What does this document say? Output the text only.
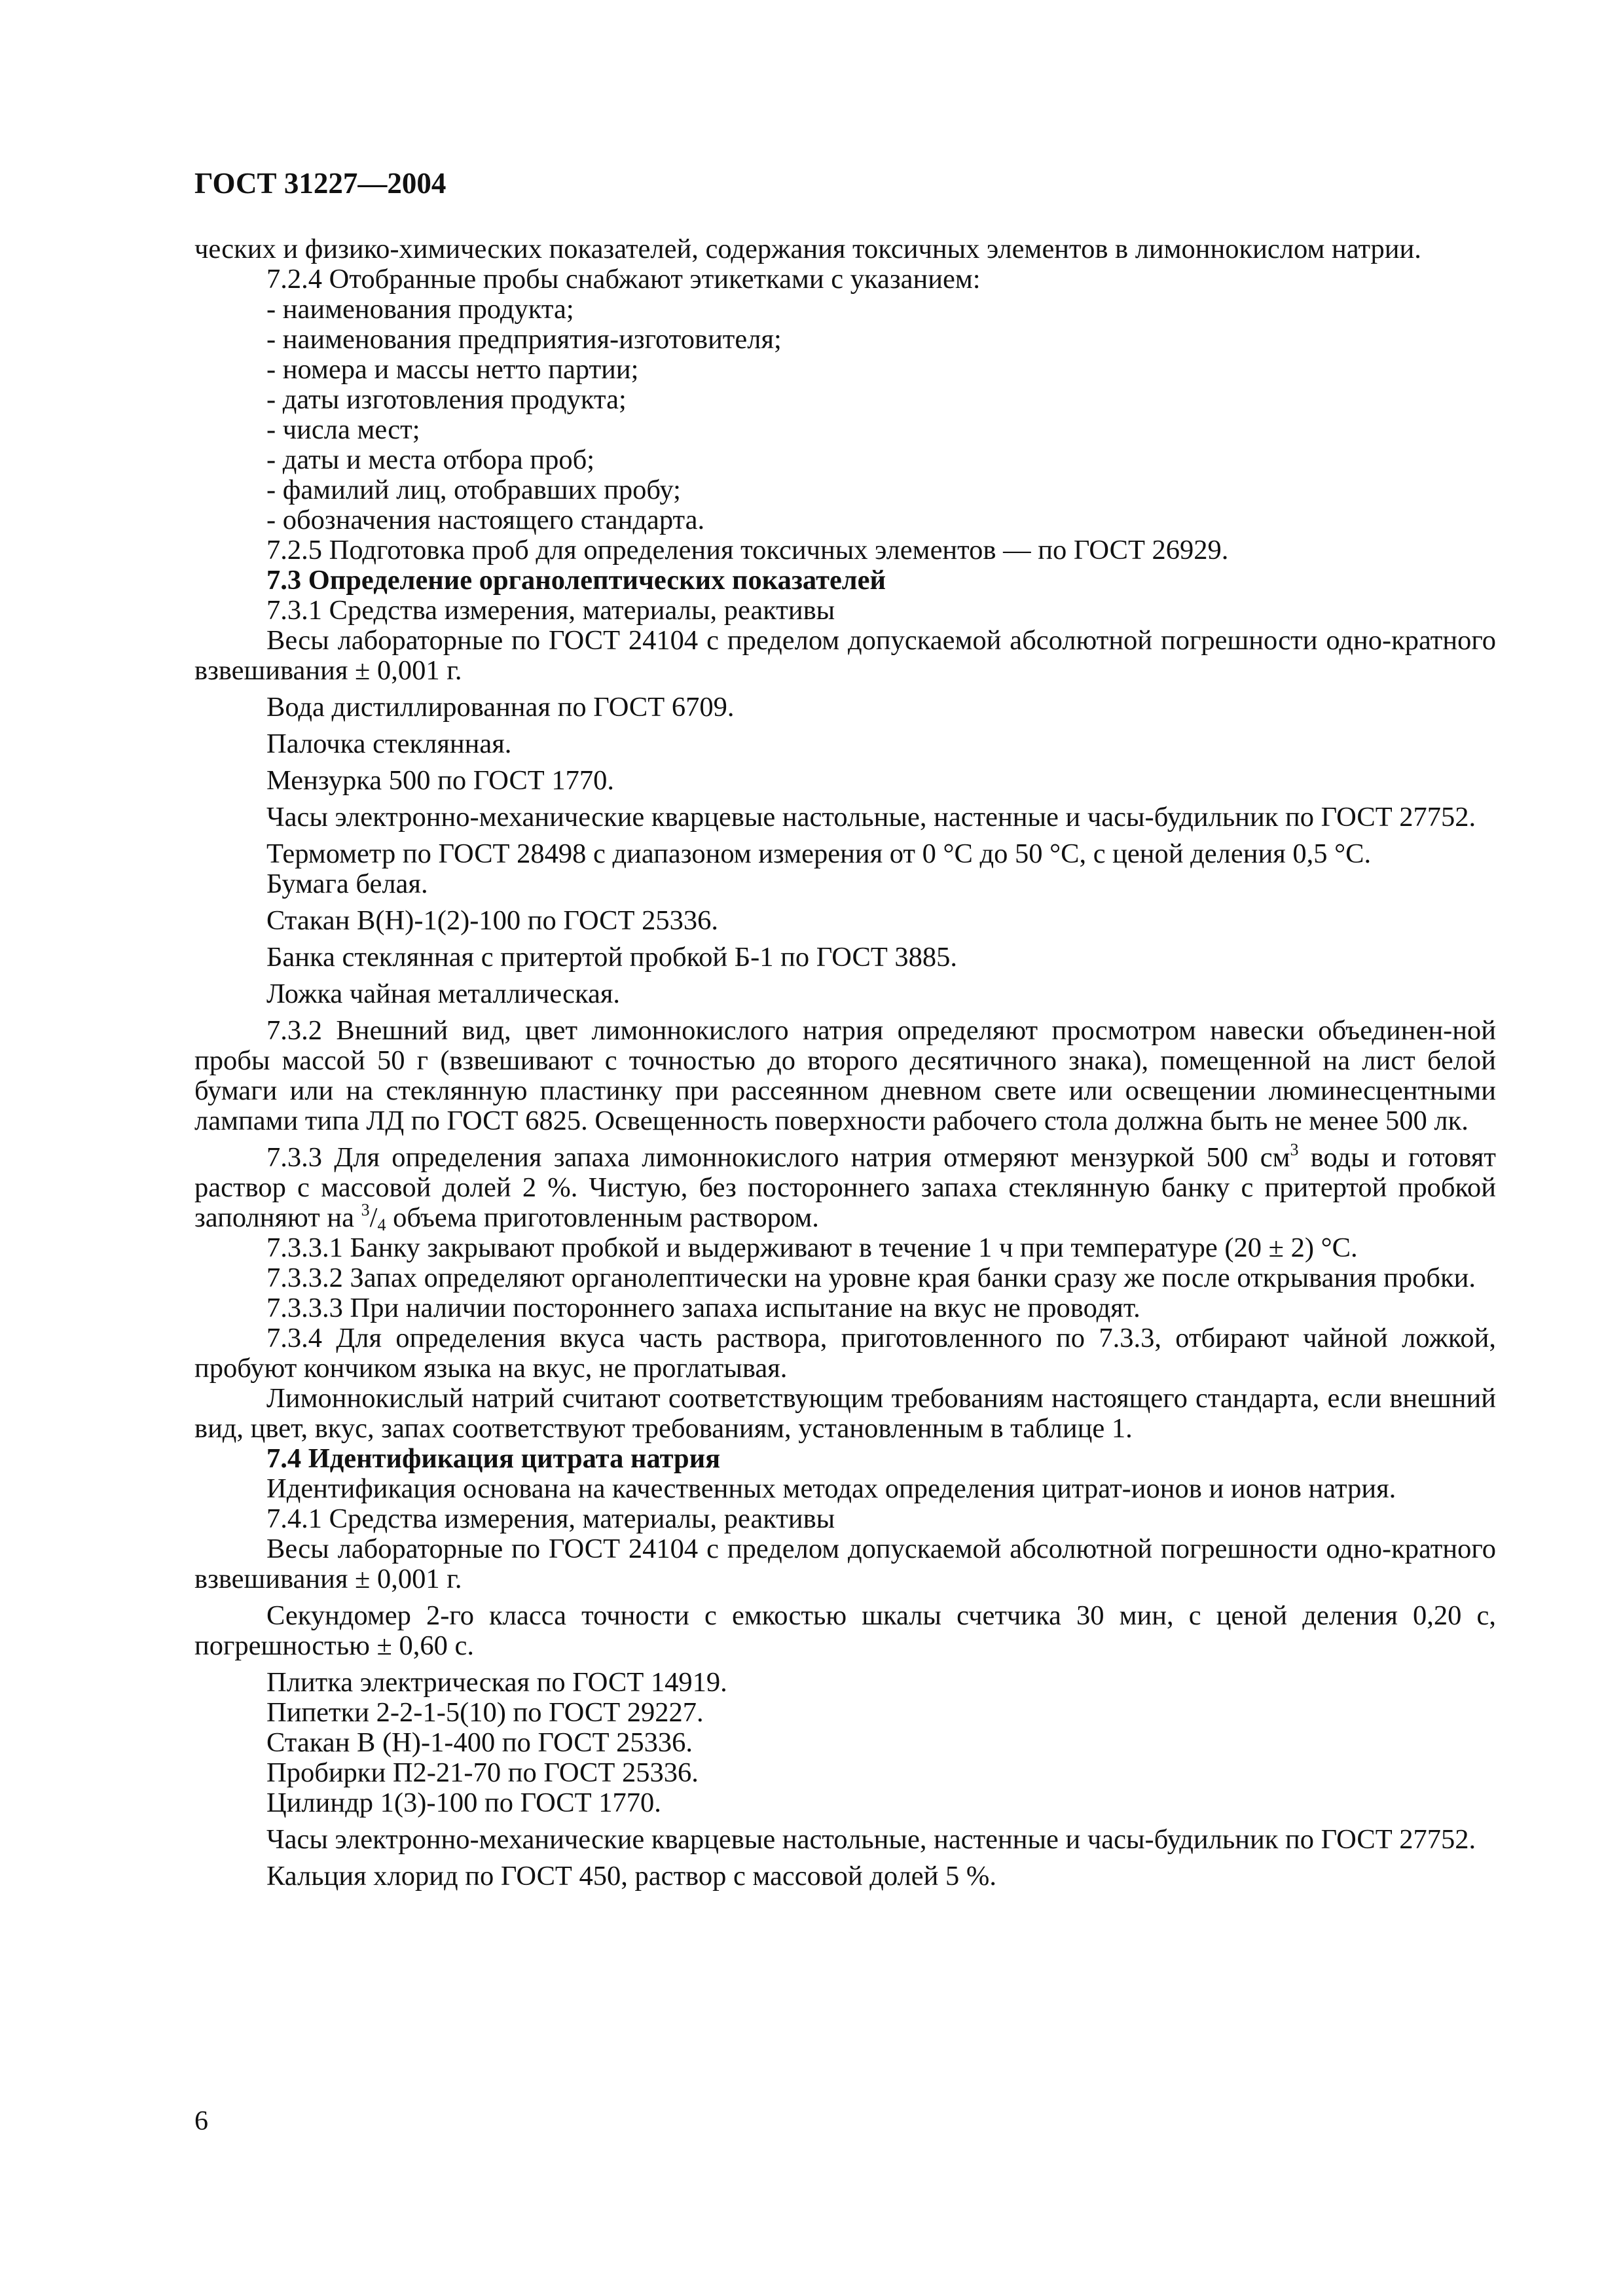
ГОСТ 31227—2004

ческих и физико-химических показателей, содержания токсичных элементов в лимоннокислом натрии.

7.2.4 Отобранные пробы снабжают этикетками с указанием:

- наименования продукта;

- наименования предприятия-изготовителя;

- номера и массы нетто партии;

- даты изготовления продукта;

- числа мест;

- даты и места отбора проб;

- фамилий лиц, отобравших пробу;

- обозначения настоящего стандарта.

7.2.5 Подготовка проб для определения токсичных элементов — по ГОСТ 26929.

7.3 Определение органолептических показателей

7.3.1 Средства измерения, материалы, реактивы

Весы лабораторные по ГОСТ 24104 с пределом допускаемой абсолютной погрешности одно-кратного взвешивания ± 0,001 г.

Вода дистиллированная по ГОСТ 6709.

Палочка стеклянная.

Мензурка 500 по ГОСТ 1770.

Часы электронно-механические кварцевые настольные, настенные и часы-будильник по ГОСТ 27752.

Термометр по ГОСТ 28498 с диапазоном измерения от 0 °С до 50 °С, с ценой деления 0,5 °С.

Бумага белая.

Стакан В(Н)-1(2)-100 по ГОСТ 25336.

Банка стеклянная с притертой пробкой Б-1 по ГОСТ 3885.

Ложка чайная металлическая.

7.3.2 Внешний вид, цвет лимоннокислого натрия определяют просмотром навески объединен-ной пробы массой 50 г (взвешивают с точностью до второго десятичного знака), помещенной на лист белой бумаги или на стеклянную пластинку при рассеянном дневном свете или освещении люминесцентными лампами типа ЛД по ГОСТ 6825. Освещенность поверхности рабочего стола должна быть не менее 500 лк.

7.3.3 Для определения запаха лимоннокислого натрия отмеряют мензуркой 500 $см^3$ воды и готовят раствор с массовой долей 2 %. Чистую, без постороннего запаха стеклянную банку с притертой пробкой заполняют на $^3/_4$ объема приготовленным раствором.

7.3.3.1 Банку закрывают пробкой и выдерживают в течение 1 ч при температуре (20 ± 2) °С.

7.3.3.2 Запах определяют органолептически на уровне края банки сразу же после открывания пробки.

7.3.3.3 При наличии постороннего запаха испытание на вкус не проводят.

7.3.4 Для определения вкуса часть раствора, приготовленного по 7.3.3, отбирают чайной ложкой, пробуют кончиком языка на вкус, не проглатывая.

Лимоннокислый натрий считают соответствующим требованиям настоящего стандарта, если внешний вид, цвет, вкус, запах соответствуют требованиям, установленным в таблице 1.

7.4 Идентификация цитрата натрия

Идентификация основана на качественных методах определения цитрат-ионов и ионов натрия.

7.4.1 Средства измерения, материалы, реактивы

Весы лабораторные по ГОСТ 24104 с пределом допускаемой абсолютной погрешности одно-кратного взвешивания ± 0,001 г.

Секундомер 2-го класса точности с емкостью шкалы счетчика 30 мин, с ценой деления 0,20 с, погрешностью ± 0,60 с.

Плитка электрическая по ГОСТ 14919.

Пипетки 2-2-1-5(10) по ГОСТ 29227.

Стакан В (Н)-1-400 по ГОСТ 25336.

Пробирки П2-21-70 по ГОСТ 25336.

Цилиндр 1(3)-100 по ГОСТ 1770.

Часы электронно-механические кварцевые настольные, настенные и часы-будильник по ГОСТ 27752.

Кальция хлорид по ГОСТ 450, раствор с массовой долей 5 %.

6
